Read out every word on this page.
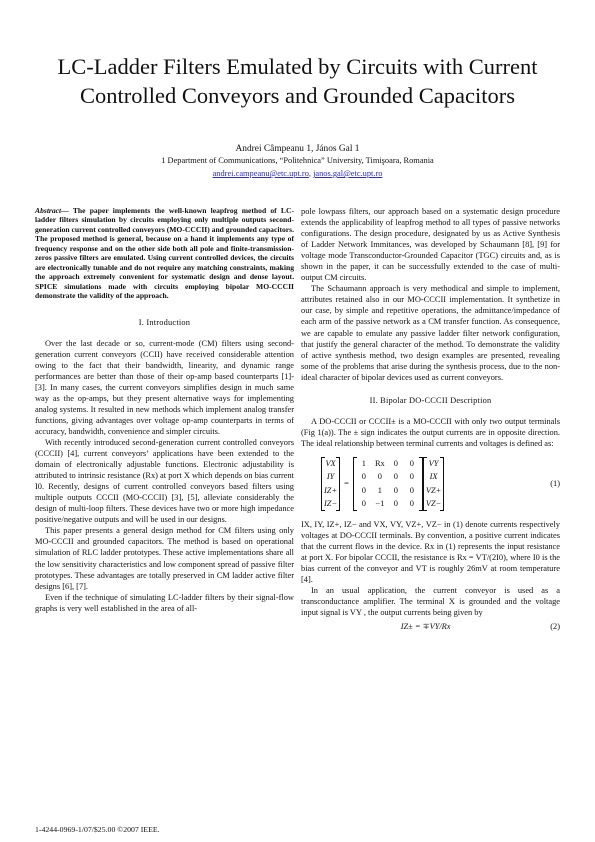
LC-Ladder Filters Emulated by Circuits with Current Controlled Conveyors and Grounded Capacitors
Andrei Câmpeanu 1, János Gal 1
1 Department of Communications, “Politehnica” University, Timişoara, Romania
andrei.campeanu@etc.upt.ro, janos.gal@etc.upt.ro
Abstract— The paper implements the well-known leapfrog method of LC-ladder filters simulation by circuits employing only multiple outputs second-generation current controlled conveyors (MO-CCCII) and grounded capacitors. The proposed method is general, because on a hand it implements any type of frequency response and on the other side both all pole and finite-transmission-zeros passive filters are emulated. Using current controlled devices, the circuits are electronically tunable and do not require any matching constraints, making the approach extremely convenient for systematic design and dense layout. SPICE simulations made with circuits employing bipolar MO-CCCII demonstrate the validity of the approach.
I. Introduction

Over the last decade or so, current-mode (CM) filters using second-generation current conveyors (CCII) have received considerable attention owing to the fact that their bandwidth, linearity, and dynamic range performances are better than those of their op-amp based counterparts [1]-[3]. In many cases, the current conveyors simplifies design in much same way as the op-amps, but they present alternative ways for implementing analog systems. It resulted in new methods which implement analog transfer functions, giving advantages over voltage op-amp counterparts in terms of accuracy, bandwidth, convenience and simpler circuits.

With recently introduced second-generation current controlled conveyors (CCCII) [4], current conveyors’ applications have been extended to the domain of electronically adjustable functions. Electronic adjustability is attributed to intrinsic resistance (Rx) at port X which depends on bias current I0. Recently, designs of current controlled conveyors based filters using multiple outputs CCCII (MO-CCCII) [3], [5], alleviate considerably the design of multi-loop filters. These devices have two or more high impedance positive/negative outputs and will be used in our designs.

This paper presents a general design method for CM filters using only MO-CCCII and grounded capacitors. The method is based on operational simulation of RLC ladder prototypes. These active implementations share all the low sensitivity characteristics and low component spread of passive filter prototypes. These advantages are totally preserved in CM ladder active filter designs [6], [7].

Even if the technique of simulating LC-ladder filters by their signal-flow graphs is very well established in the area of all-

pole lowpass filters, our approach based on a systematic design procedure extends the applicability of leapfrog method to all types of passive networks configurations. The design procedure, designated by us as Active Synthesis of Ladder Network Immitances, was developed by Schaumann [8], [9] for voltage mode Transconductor-Grounded Capacitor (TGC) circuits and, as is shown in the paper, it can be successfully extended to the case of multi-output CM circuits.

The Schaumann approach is very methodical and simple to implement, attributes retained also in our MO-CCCII implementation. It synthetize in our case, by simple and repetitive operations, the admittance/impedance of each arm of the passive network as a CM transfer function. As consequence, we are capable to emulate any passive ladder filter network configuration, that justify the general character of the method. To demonstrate the validity of active synthesis method, two design examples are presented, revealing some of the problems that arise during the synthesis process, due to the non-ideal character of bipolar devices used as current conveyors.

II. Bipolar DO-CCCII Description

A DO-CCCII or CCCII± is a MO-CCCII with only two output terminals (Fig 1(a)). The ± sign indicates the output currents are in opposite direction. The ideal relationship between terminal currents and voltages is defined as:

VX
IY
IZ+
IZ−
=
1	Rx	0	0
0	0	0	0
0	1	0	0
0	−1	0	0
VY
IX
VZ+
VZ−
(1)

IX, IY, IZ+, IZ− and VX, VY, VZ+, VZ− in (1) denote currents respectively voltages at DO-CCCII terminals. By convention, a positive current indicates that the current flows in the device. Rx in (1) represents the input resistance at port X. For bipolar CCCII, the resistance is Rx = VT/(2I0), where I0 is the bias current of the conveyor and VT is roughly 26mV at room temperature [4].

In an usual application, the current conveyor is used as a transconductance amplifier. The terminal X is grounded and the voltage input signal is VY , the output currents being given by

IZ± = ∓VY/Rx	(2)
1-4244-0969-1/07/$25.00 ©2007 IEEE.
